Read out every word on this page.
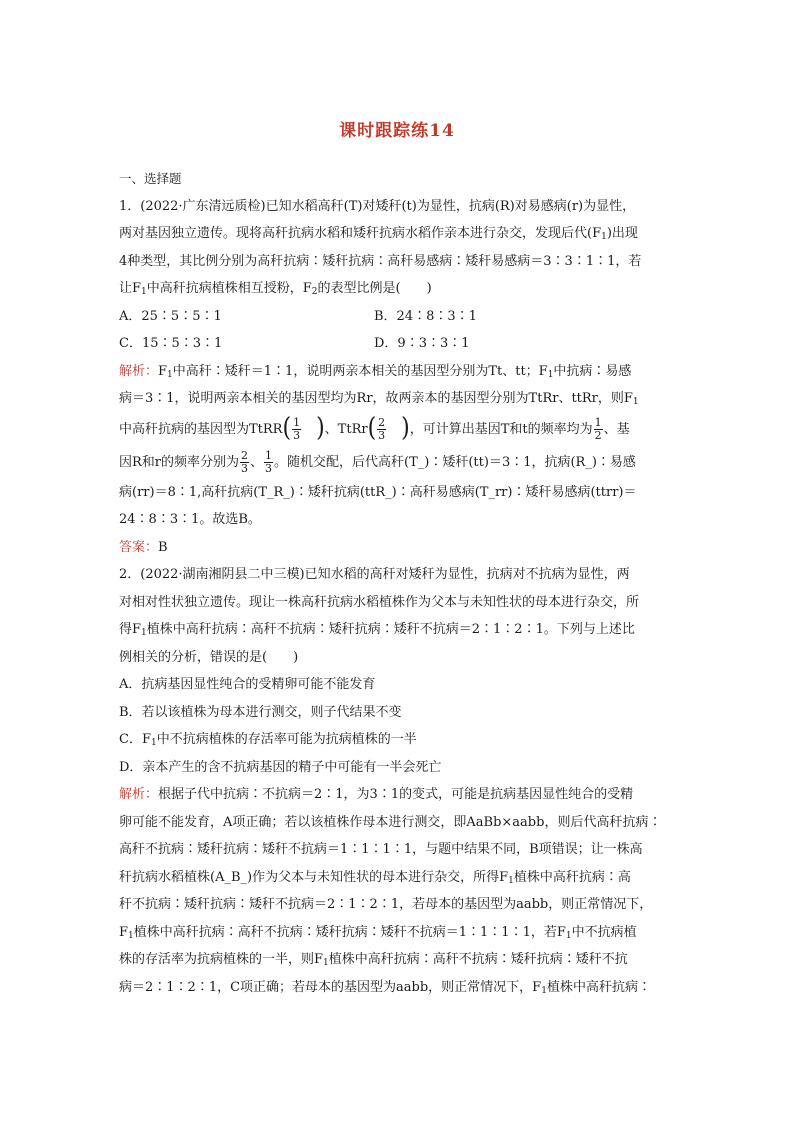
课时跟踪练14
一、选择题
1．(2022·广东清远质检)已知水稻高秆(T)对矮秆(t)为显性，抗病(R)对易感病(r)为显性，
两对基因独立遗传。现将高秆抗病水稻和矮秆抗病水稻作亲本进行杂交，发现后代$(F_1)$出现
4种类型，其比例分别为高秆抗病∶矮秆抗病∶高秆易感病∶矮秆易感病＝3∶3∶1∶1，若
让$F_1$中高秆抗病植株相互授粉，$F_2$的表型比例是(　　)
A．25∶5∶5∶1	B．24∶8∶3∶1
C．15∶5∶3∶1	D．9∶3∶3∶1
解析：$F_1$中高秆∶矮秆＝1∶1，说明两亲本相关的基因型分别为Tt、tt；$F_1$中抗病∶易感
病＝3∶1，说明两亲本相关的基因型均为Rr，故两亲本的基因型分别为TtRr、ttRr，则$F_1$
中高秆抗病的基因型为TtRR( $\frac{1}{3}$ )、TtRr( $\frac{2}{3}$ )，可计算出基因T和t的频率均为 $\frac{1}{2}$ 、基
因R和r的频率分别为 $\frac{2}{3}$ 、 $\frac{1}{3}$ 。随机交配，后代高秆(T_)∶矮秆(tt)＝3∶1，抗病(R_)∶易感
病(rr)＝8∶1,高秆抗病(T_R_)∶矮秆抗病(ttR_)∶高秆易感病(T_rr)∶矮秆易感病(ttrr)＝
24∶8∶3∶1。故选B。
答案：B
2．(2022·湖南湘阴县二中三模)已知水稻的高秆对矮秆为显性，抗病对不抗病为显性，两
对相对性状独立遗传。现让一株高秆抗病水稻植株作为父本与未知性状的母本进行杂交，所
得$F_1$植株中高秆抗病∶高秆不抗病∶矮秆抗病∶矮秆不抗病＝2∶1∶2∶1。下列与上述比
例相关的分析，错误的是(　　)
A．抗病基因显性纯合的受精卵可能不能发育
B．若以该植株为母本进行测交，则子代结果不变
C．$F_1$中不抗病植株的存活率可能为抗病植株的一半
D．亲本产生的含不抗病基因的精子中可能有一半会死亡
解析：根据子代中抗病∶不抗病＝2∶1，为3∶1的变式，可能是抗病基因显性纯合的受精
卵可能不能发育，A项正确；若以该植株作母本进行测交，即AaBb×aabb，则后代高秆抗病∶
高秆不抗病∶矮秆抗病∶矮秆不抗病＝1∶1∶1∶1，与题中结果不同，B项错误；让一株高
秆抗病水稻植株(A_B_)作为父本与未知性状的母本进行杂交，所得$F_1$植株中高秆抗病∶高
秆不抗病∶矮秆抗病∶矮秆不抗病＝2∶1∶2∶1，若母本的基因型为aabb，则正常情况下，
$F_1$植株中高秆抗病∶高秆不抗病∶矮秆抗病∶矮秆不抗病＝1∶1∶1∶1，若$F_1$中不抗病植
株的存活率为抗病植株的一半，则$F_1$植株中高秆抗病∶高秆不抗病∶矮秆抗病∶矮秆不抗
病＝2∶1∶2∶1，C项正确；若母本的基因型为aabb，则正常情况下，$F_1$植株中高秆抗病∶
